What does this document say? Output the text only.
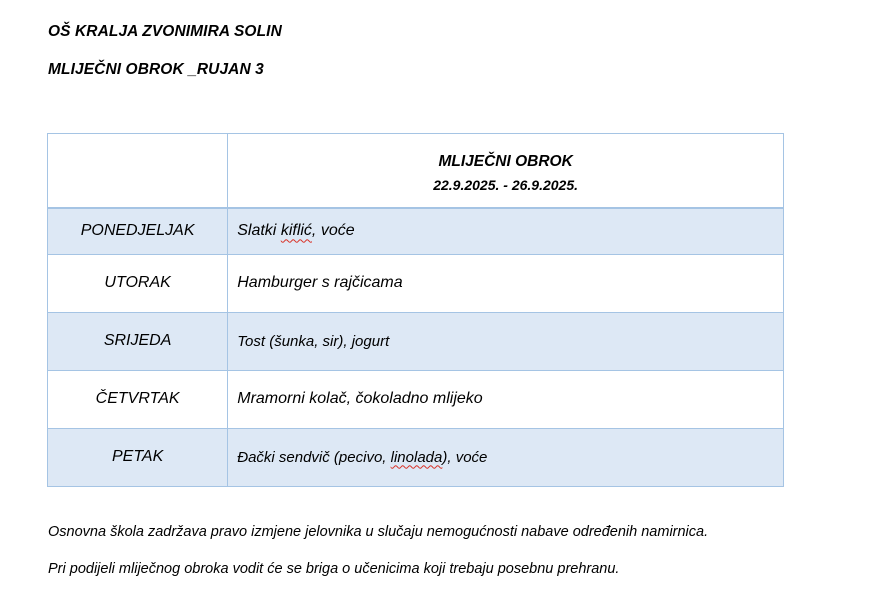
OŠ KRALJA ZVONIMIRA SOLIN
MLIJEČNI OBROK _RUJAN 3

	MLIJEČNI OBROK
22.9.2025. - 26.9.2025.

PONEDJELJAK	Slatki kiflić, voće
UTORAK	Hamburger s rajčicama
SRIJEDA	Tost (šunka, sir), jogurt
ČETVRTAK	Mramorni kolač, čokoladno mlijeko
PETAK	Đački sendvič (pecivo, linolada), voće
Osnovna škola zadržava pravo izmjene jelovnika u slučaju nemogućnosti nabave određenih namirnica.
Pri podijeli mliječnog obroka vodit će se briga o učenicima koji trebaju posebnu prehranu.
